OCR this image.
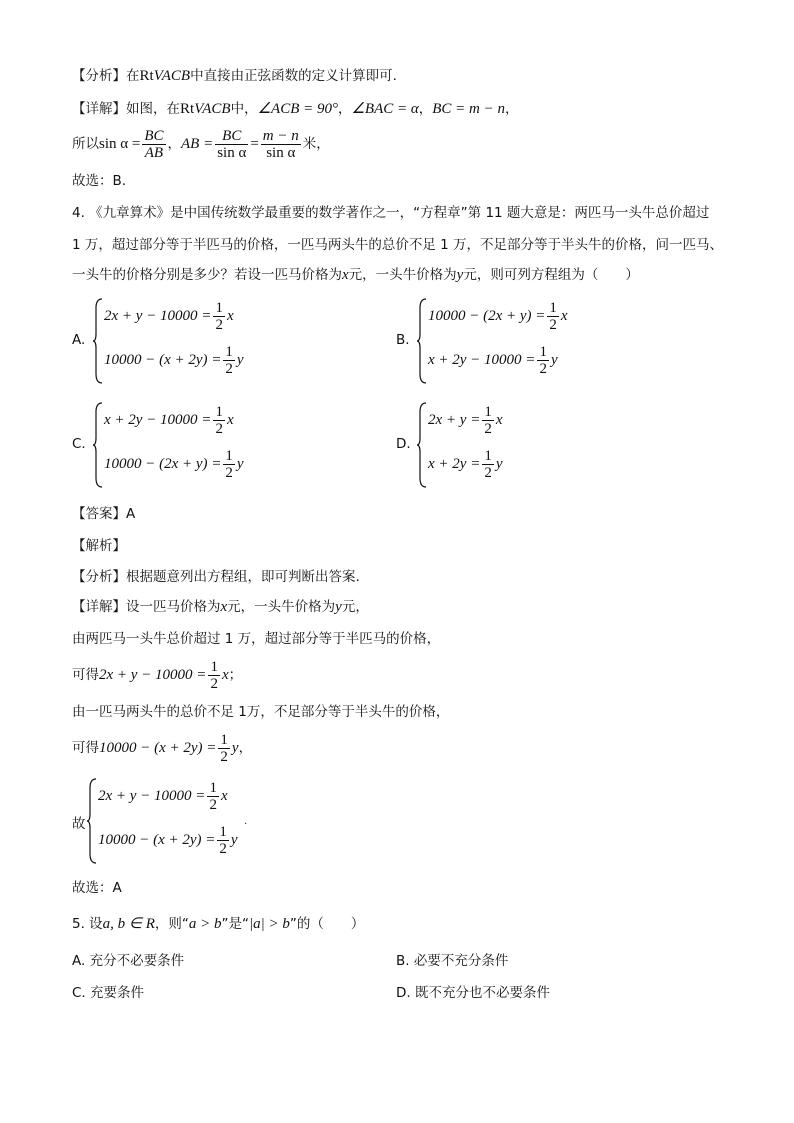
【分析】在RtVACB中直接由正弦函数的定义计算即可.
【详解】如图，在RtVACB中，∠ACB = 90°，∠BAC = α，BC = m − n，
所以$\sin \alpha = \frac{BC}{AB}$ ，AB = $\frac{BC}{\text{sin α}} = \frac{m - n}{\text{sin α}}$ 米，
故选：B.
4. 《九章算术》是中国传统数学最重要的数学著作之一，“方程章”第 11 题大意是：两匹马一头牛总价超过
1 万，超过部分等于半匹马的价格，一匹马两头牛的总价不足 1 万，不足部分等于半头牛的价格，问一匹马、
一头牛的价格分别是多少？若设一匹马价格为x元，一头牛价格为y元，则可列方程组为（　　）
A.
$2x + y - 10000 = \frac{1}{2}$ x
$10000 - (x + 2y) = \frac{1}{2}$ y
B.
$10000 - (2x + y) = \frac{1}{2}$ x
$x + 2y - 10000 = \frac{1}{2}$ y
C.
$x + 2y - 10000 = \frac{1}{2}$ x
$10000 - (2x + y) = \frac{1}{2}$ y
D.
$2x + y = \frac{1}{2}$ x
$x + 2y = \frac{1}{2}$ y
【答案】A
【解析】
【分析】根据题意列出方程组，即可判断出答案.
【详解】设一匹马价格为x元，一头牛价格为y元，
由两匹马一头牛总价超过 1 万，超过部分等于半匹马的价格，
可得$2x + y - 10000 = \frac{1}{2}$ x；
由一匹马两头牛的总价不足 1万，不足部分等于半头牛的价格，
可得$10000 - (x + 2y) = \frac{1}{2}$ y，
故
$2x + y - 10000 = \frac{1}{2}$ x
$10000 - (x + 2y) = \frac{1}{2}$ y
.
故选：A
5. 设a, b ∈ R，则“a > b”是“|a| > b”的（　　）
A. 充分不必要条件	B. 必要不充分条件
C. 充要条件	D. 既不充分也不必要条件
